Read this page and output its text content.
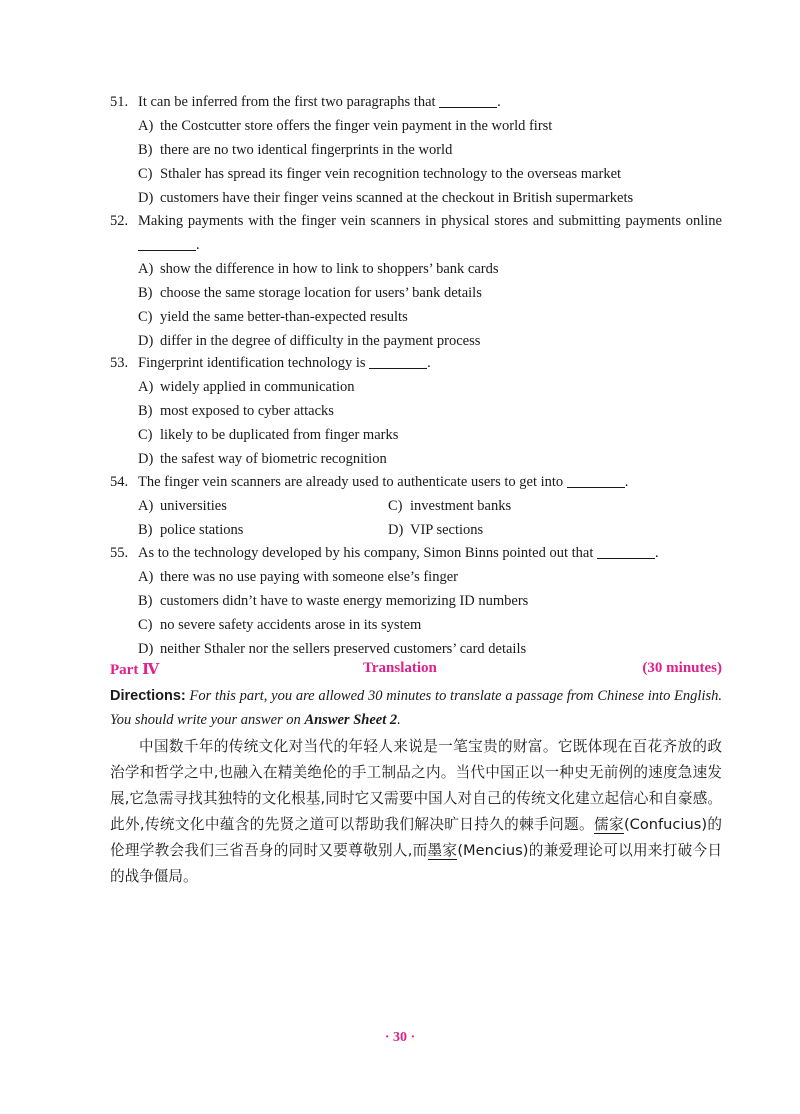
51. It can be inferred from the first two paragraphs that	.
A) the Costcutter store offers the finger vein payment in the world first
B) there are no two identical fingerprints in the world
C) Sthaler has spread its finger vein recognition technology to the overseas market
D) customers have their finger veins scanned at the checkout in British supermarkets
52. Making payments with the finger vein scanners in physical stores and submitting payments online .
A) show the difference in how to link to shoppers’ bank cards
B) choose the same storage location for users’ bank details
C) yield the same better-than-expected results
D) differ in the degree of difficulty in the payment process
53. Fingerprint identification technology is	.
A) widely applied in communication
B) most exposed to cyber attacks
C) likely to be duplicated from finger marks
D) the safest way of biometric recognition
54. The finger vein scanners are already used to authenticate users to get into	.
A) universities	C) investment banks
B) police stations	D) VIP sections
55. As to the technology developed by his company, Simon Binns pointed out that	.
A) there was no use paying with someone else’s finger
B) customers didn’t have to waste energy memorizing ID numbers
C) no severe safety accidents arose in its system
D) neither Sthaler nor the sellers preserved customers’ card details
Part Ⅳ	Translation	(30 minutes)
Directions: For this part, you are allowed 30 minutes to translate a passage from Chinese into English. You should write your answer on Answer Sheet 2.
中国数千年的传统文化对当代的年轻人来说是一笔宝贵的财富。它既体现在百花齐放的政治学和哲学之中,也融入在精美绝伦的手工制品之内。当代中国正以一种史无前例的速度急速发展,它急需寻找其独特的文化根基,同时它又需要中国人对自己的传统文化建立起信心和自豪感。此外,传统文化中蕴含的先贤之道可以帮助我们解决旷日持久的棘手问题。儒家(Confucius)的伦理学教会我们三省吾身的同时又要尊敬别人,而墨家(Mencius)的兼爱理论可以用来打破今日的战争僵局。
· 30 ·
